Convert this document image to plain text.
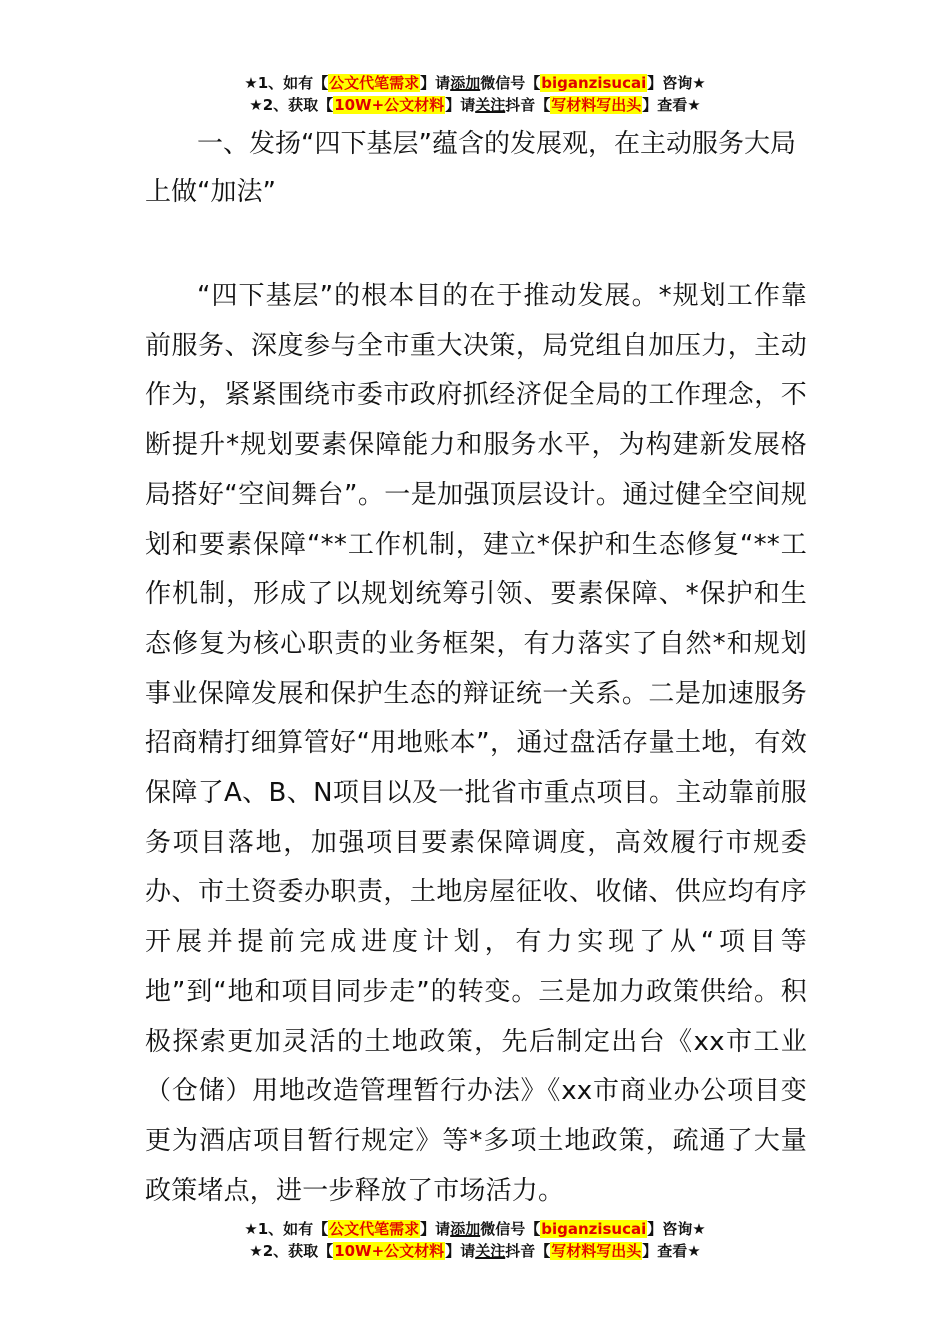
★1、如有【公文代笔需求】请添加微信号【biganzisucai】咨询★
★2、获取【10W+公文材料】请关注抖音【写材料写出头】查看★

一、发扬“四下基层”蕴含的发展观，在主动服务大局上做“加法”

“四下基层”的根本目的在于推动发展。*规划工作靠前服务、深度参与全市重大决策，局党组自加压力，主动作为，紧紧围绕市委市政府抓经济促全局的工作理念，不断提升*规划要素保障能力和服务水平，为构建新发展格局搭好“空间舞台”。一是加强顶层设计。通过健全空间规划和要素保障“**工作机制，建立*保护和生态修复“**工作机制，形成了以规划统筹引领、要素保障、*保护和生态修复为核心职责的业务框架，有力落实了自然*和规划事业保障发展和保护生态的辩证统一关系。二是加速服务招商精打细算管好“用地账本”，通过盘活存量土地，有效保障了A、B、N项目以及一批省市重点项目。主动靠前服务项目落地，加强项目要素保障调度，高效履行市规委办、市土资委办职责，土地房屋征收、收储、供应均有序开展并提前完成进度计划，有力实现了从“项目等地”到“地和项目同步走”的转变。三是加力政策供给。积极探索更加灵活的土地政策，先后制定出台《xx市工业（仓储）用地改造管理暂行办法》《xx市商业办公项目变更为酒店项目暂行规定》等*多项土地政策，疏通了大量政策堵点，进一步释放了市场活力。

★1、如有【公文代笔需求】请添加微信号【biganzisucai】咨询★
★2、获取【10W+公文材料】请关注抖音【写材料写出头】查看★
